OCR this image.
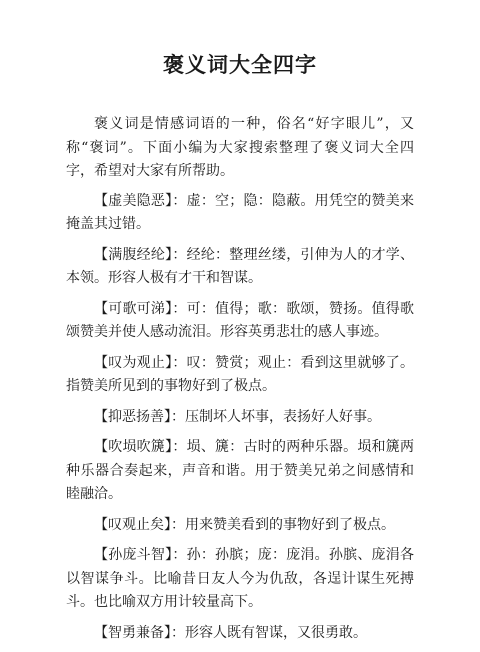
褒义词大全四字

褒义词是情感词语的一种，俗名“好字眼儿”，又称“褒词”。下面小编为大家搜索整理了褒义词大全四字，希望对大家有所帮助。

【虚美隐恶】：虚：空；隐：隐蔽。用凭空的赞美来掩盖其过错。

【满腹经纶】：经纶：整理丝缕，引伸为人的才学、本领。形容人极有才干和智谋。

【可歌可涕】：可：值得；歌：歌颂，赞扬。值得歌颂赞美并使人感动流泪。形容英勇悲壮的感人事迹。

【叹为观止】：叹：赞赏；观止：看到这里就够了。指赞美所见到的事物好到了极点。

【抑恶扬善】：压制坏人坏事，表扬好人好事。

【吹埙吹篪】：埙、篪：古时的两种乐器。埙和篪两种乐器合奏起来，声音和谐。用于赞美兄弟之间感情和睦融洽。

【叹观止矣】：用来赞美看到的事物好到了极点。

【孙庞斗智】：孙：孙膑；庞：庞涓。孙膑、庞涓各以智谋争斗。比喻昔日友人今为仇敌，各逞计谋生死搏斗。也比喻双方用计较量高下。

【智勇兼备】：形容人既有智谋，又很勇敢。
